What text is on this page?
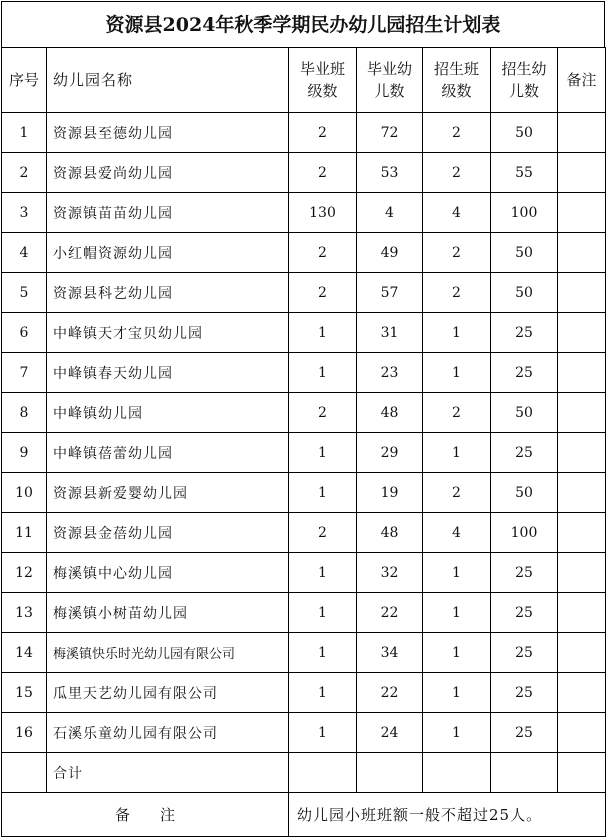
资源县2024年秋季学期民办幼儿园招生计划表
序号	幼儿园名称	毕业班级数	毕业幼儿数	招生班级数	招生幼儿数	备注
1	资源县至德幼儿园	2	72	2	50	
2	资源县爱尚幼儿园	2	53	2	55	
3	资源镇苗苗幼儿园	130	4	4	100	
4	小红帽资源幼儿园	2	49	2	50	
5	资源县科艺幼儿园	2	57	2	50	
6	中峰镇天才宝贝幼儿园	1	31	1	25	
7	中峰镇春天幼儿园	1	23	1	25	
8	中峰镇幼儿园	2	48	2	50	
9	中峰镇蓓蕾幼儿园	1	29	1	25	
10	资源县新爱婴幼儿园	1	19	2	50	
11	资源县金蓓幼儿园	2	48	4	100	
12	梅溪镇中心幼儿园	1	32	1	25	
13	梅溪镇小树苗幼儿园	1	22	1	25	
14	梅溪镇快乐时光幼儿园有限公司	1	34	1	25	
15	瓜里天艺幼儿园有限公司	1	22	1	25	
16	石溪乐童幼儿园有限公司	1	24	1	25	
	合计					
备注		幼儿园小班班额一般不超过25人。				
